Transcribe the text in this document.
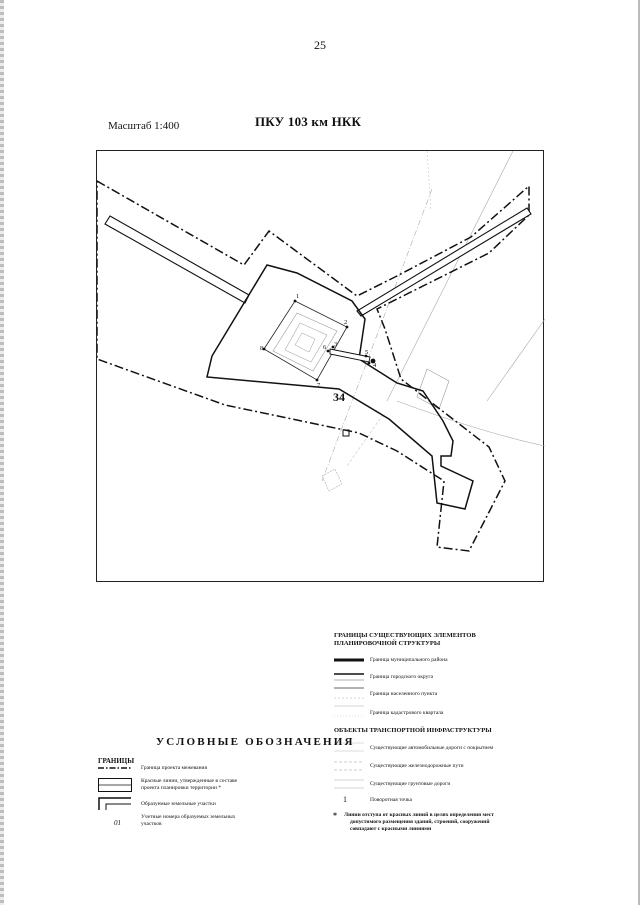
25
Масштаб 1:400	ПКУ 103 км НКК
1
2
3
4
5
6
7
8
34
ГРАНИЦЫ СУЩЕСТВУЮЩИХ ЭЛЕМЕНТОВ
ПЛАНИРОВОЧНОЙ СТРУКТУРЫ
Граница муниципального района
Граница городского округа
Граница населенного пункта
Граница кадастрового квартала
ОБЪЕКТЫ ТРАНСПОРТНОЙ ИНФРАСТРУКТУРЫ
Существующие автомобильные дороги с покрытием
Существующие железнодорожные пути
Существующие грунтовые дороги
1	Поворотная точка
УСЛОВНЫЕ ОБОЗНАЧЕНИЯ
ГРАНИЦЫ
Граница проекта межевания
Красные линии, утвержденные в составе
проекта планировки территории *
Образуемые земельные участки
01
Учетные номера образуемых земельных
участков
* Линии отступа от красных линий в целях определения мест
допустимого размещения зданий, строений, сооружений
совпадают с красными линиями
